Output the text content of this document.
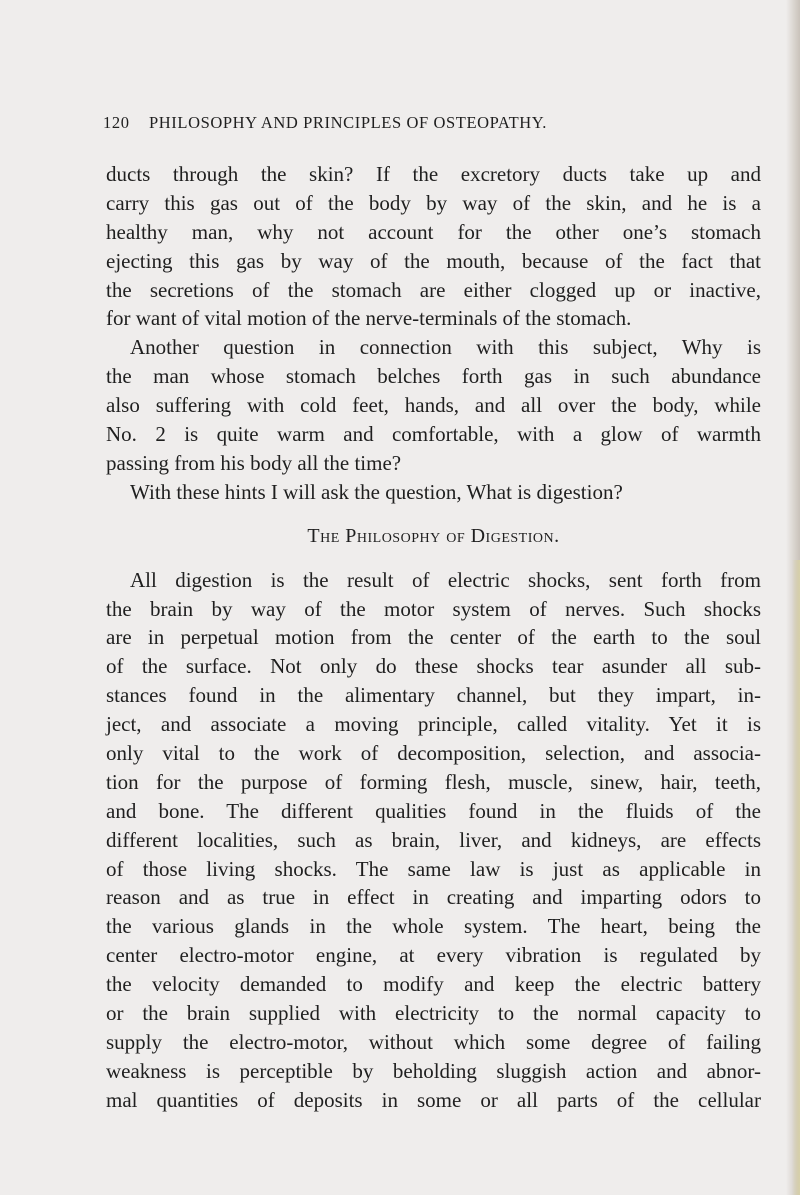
120 PHILOSOPHY AND PRINCIPLES OF OSTEOPATHY.
ducts through the skin? If the excretory ducts take up and
carry this gas out of the body by way of the skin, and he is a
healthy man, why not account for the other one’s stomach
ejecting this gas by way of the mouth, because of the fact that
the secretions of the stomach are either clogged up or inactive,
for want of vital motion of the nerve-terminals of the stomach.
Another question in connection with this subject, Why is
the man whose stomach belches forth gas in such abundance
also suffering with cold feet, hands, and all over the body, while
No. 2 is quite warm and comfortable, with a glow of warmth
passing from his body all the time?
With these hints I will ask the question, What is digestion?
The Philosophy of Digestion.
All digestion is the result of electric shocks, sent forth from
the brain by way of the motor system of nerves. Such shocks
are in perpetual motion from the center of the earth to the soul
of the surface. Not only do these shocks tear asunder all sub-
stances found in the alimentary channel, but they impart, in-
ject, and associate a moving principle, called vitality. Yet it is
only vital to the work of decomposition, selection, and associa-
tion for the purpose of forming flesh, muscle, sinew, hair, teeth,
and bone. The different qualities found in the fluids of the
different localities, such as brain, liver, and kidneys, are effects
of those living shocks. The same law is just as applicable in
reason and as true in effect in creating and imparting odors to
the various glands in the whole system. The heart, being the
center electro-motor engine, at every vibration is regulated by
the velocity demanded to modify and keep the electric battery
or the brain supplied with electricity to the normal capacity to
supply the electro-motor, without which some degree of failing
weakness is perceptible by beholding sluggish action and abnor-
mal quantities of deposits in some or all parts of the cellular
